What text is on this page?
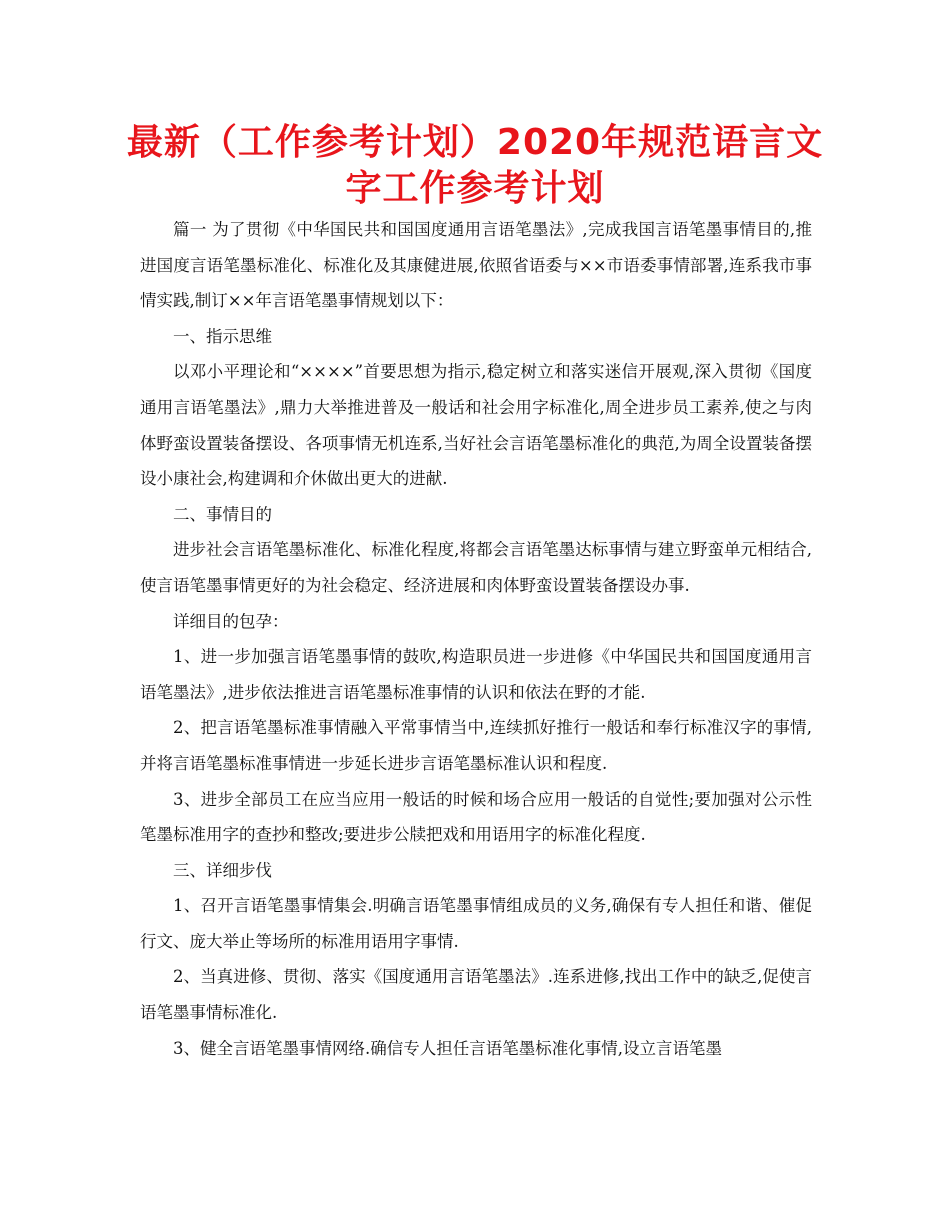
最新（工作参考计划）2020年规范语言文字工作参考计划

篇一 为了贯彻《中华国民共和国国度通用言语笔墨法》,完成我国言语笔墨事情目的,推进国度言语笔墨标准化、标准化及其康健进展,依照省语委与××市语委事情部署,连系我市事情实践,制订××年言语笔墨事情规划以下：

一、指示思维

以邓小平理论和“××××”首要思想为指示,稳定树立和落实迷信开展观,深入贯彻《国度通用言语笔墨法》,鼎力大举推进普及一般话和社会用字标准化,周全进步员工素养,使之与肉体野蛮设置装备摆设、各项事情无机连系,当好社会言语笔墨标准化的典范,为周全设置装备摆设小康社会,构建调和介休做出更大的进献.

二、事情目的

进步社会言语笔墨标准化、标准化程度,将都会言语笔墨达标事情与建立野蛮单元相结合,使言语笔墨事情更好的为社会稳定、经济进展和肉体野蛮设置装备摆设办事.

详细目的包孕：

1、进一步加强言语笔墨事情的鼓吹,构造职员进一步进修《中华国民共和国国度通用言语笔墨法》,进步依法推进言语笔墨标准事情的认识和依法在野的才能.

2、把言语笔墨标准事情融入平常事情当中,连续抓好推行一般话和奉行标准汉字的事情,并将言语笔墨标准事情进一步延长进步言语笔墨标准认识和程度.

3、进步全部员工在应当应用一般话的时候和场合应用一般话的自觉性;要加强对公示性笔墨标准用字的查抄和整改;要进步公牍把戏和用语用字的标准化程度.

三、详细步伐

1、召开言语笔墨事情集会.明确言语笔墨事情组成员的义务,确保有专人担任和谐、催促行文、庞大举止等场所的标准用语用字事情.

2、当真进修、贯彻、落实《国度通用言语笔墨法》.连系进修,找出工作中的缺乏,促使言语笔墨事情标准化.

3、健全言语笔墨事情网络.确信专人担任言语笔墨标准化事情,设立言语笔墨
